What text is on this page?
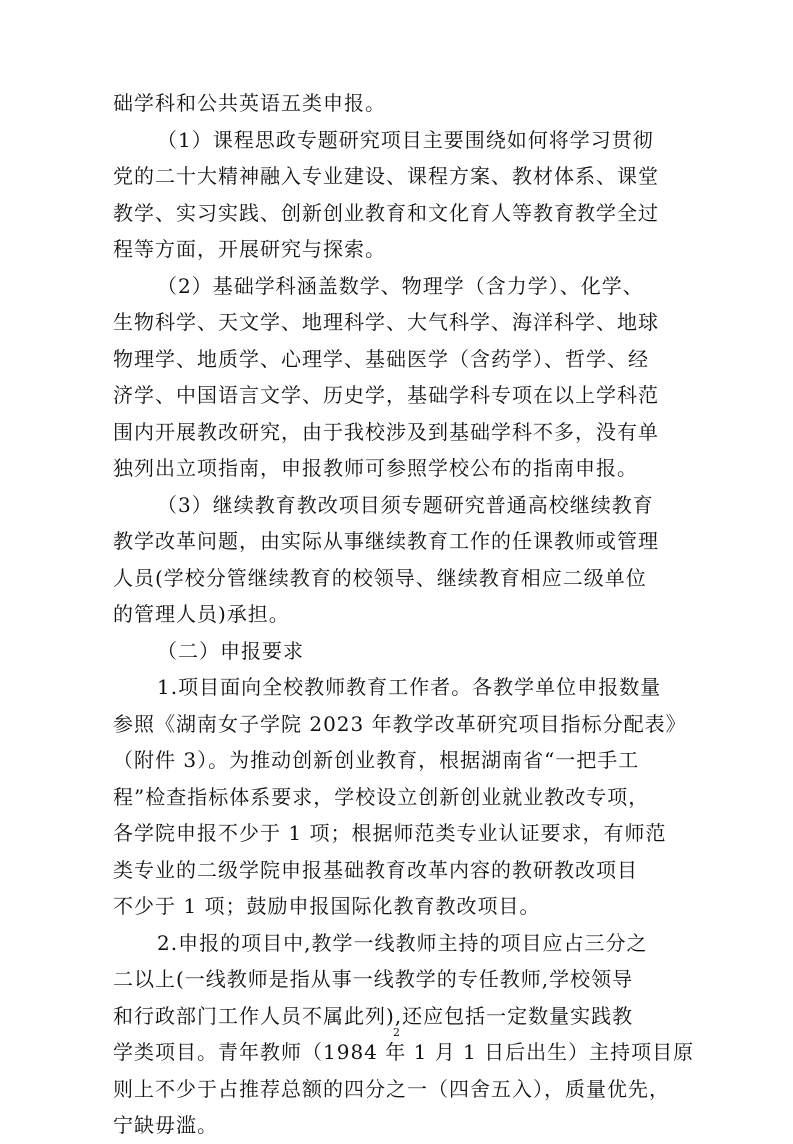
础学科和公共英语五类申报。
（1）课程思政专题研究项目主要围绕如何将学习贯彻
党的二十大精神融入专业建设、课程方案、教材体系、课堂
教学、实习实践、创新创业教育和文化育人等教育教学全过
程等方面，开展研究与探索。
（2）基础学科涵盖数学、物理学（含力学）、化学、
生物科学、天文学、地理科学、大气科学、海洋科学、地球
物理学、地质学、心理学、基础医学（含药学）、哲学、经
济学、中国语言文学、历史学，基础学科专项在以上学科范
围内开展教改研究，由于我校涉及到基础学科不多，没有单
独列出立项指南，申报教师可参照学校公布的指南申报。
（3）继续教育教改项目须专题研究普通高校继续教育
教学改革问题，由实际从事继续教育工作的任课教师或管理
人员(学校分管继续教育的校领导、继续教育相应二级单位
的管理人员)承担。
（二）申报要求
1.项目面向全校教师教育工作者。各教学单位申报数量
参照《湖南女子学院 2023 年教学改革研究项目指标分配表》
（附件 3）。为推动创新创业教育，根据湖南省“一把手工
程”检查指标体系要求，学校设立创新创业就业教改专项，
各学院申报不少于 1 项；根据师范类专业认证要求，有师范
类专业的二级学院申报基础教育改革内容的教研教改项目
不少于 1 项；鼓励申报国际化教育教改项目。
2.申报的项目中,教学一线教师主持的项目应占三分之
二以上(一线教师是指从事一线教学的专任教师,学校领导
和行政部门工作人员不属此列),还应包括一定数量实践教
学类项目。青年教师（1984 年 1 月 1 日后出生）主持项目原
则上不少于占推荐总额的四分之一（四舍五入），质量优先，
宁缺毋滥。
2
